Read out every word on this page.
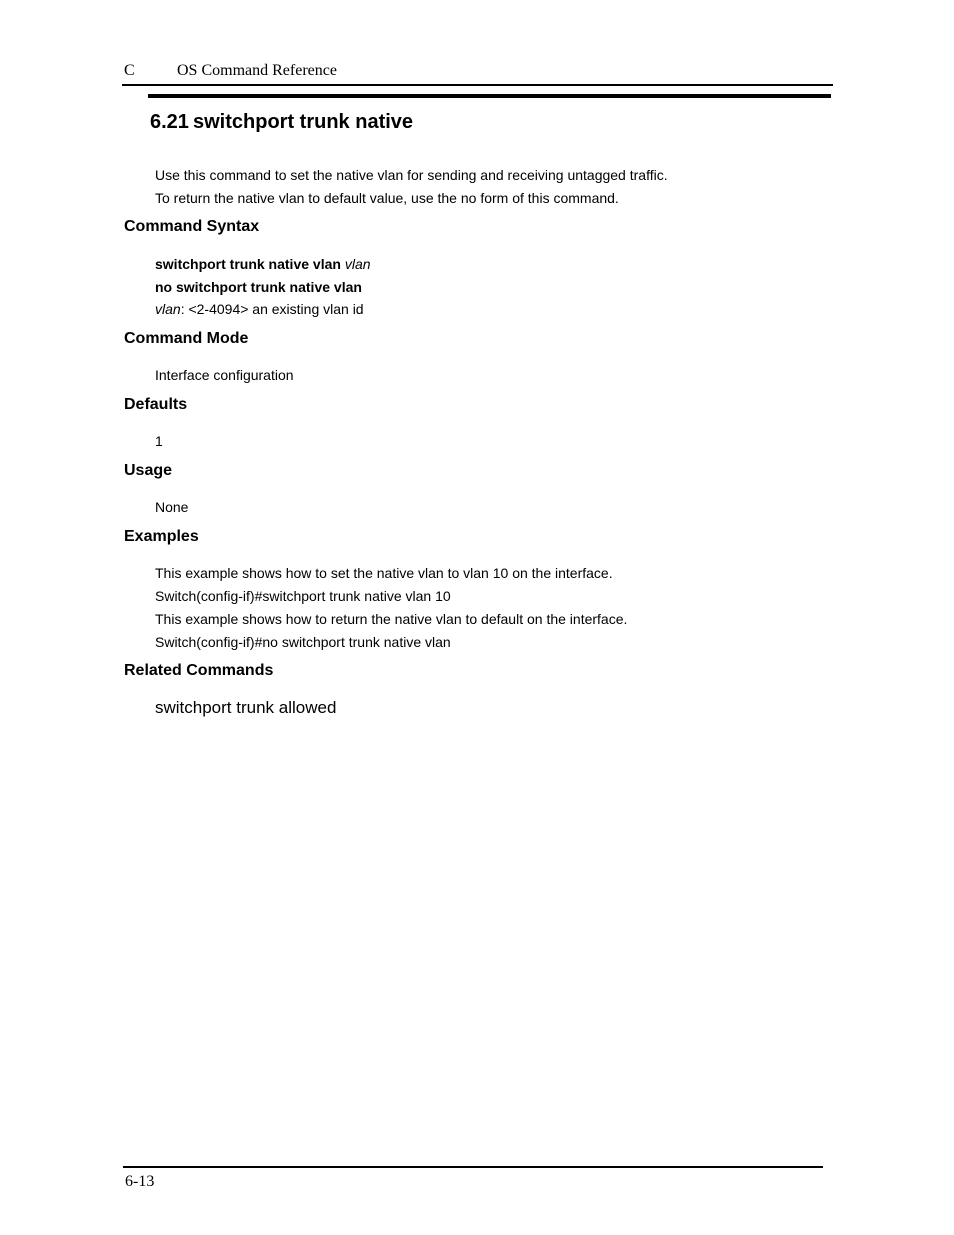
C	OS Command Reference
6.21 switchport trunk native
Use this command to set the native vlan for sending and receiving untagged traffic.
To return the native vlan to default value, use the no form of this command.
Command Syntax
switchport trunk native vlan vlan
no switchport trunk native vlan
vlan: <2-4094> an existing vlan id
Command Mode
Interface configuration
Defaults
1
Usage
None
Examples
This example shows how to set the native vlan to vlan 10 on the interface.
Switch(config-if)#switchport trunk native vlan 10
This example shows how to return the native vlan to default on the interface.
Switch(config-if)#no switchport trunk native vlan
Related Commands
switchport trunk allowed
6-13
